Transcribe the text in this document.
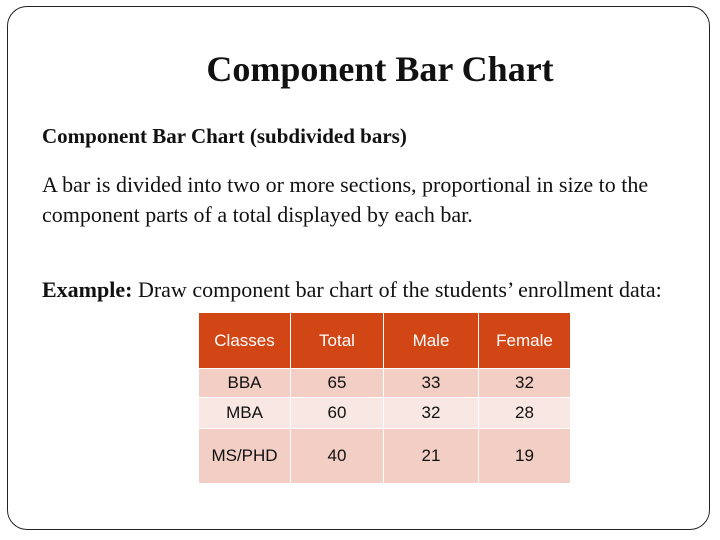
Component Bar Chart
Component Bar Chart (subdivided bars)
A bar is divided into two or more sections, proportional in size to the component parts of a total displayed by each bar.
Example: Draw component bar chart of the students’ enrollment data:
Classes	Total	Male	Female
BBA	65	33	32
MBA	60	32	28
MS/PHD	40	21	19
